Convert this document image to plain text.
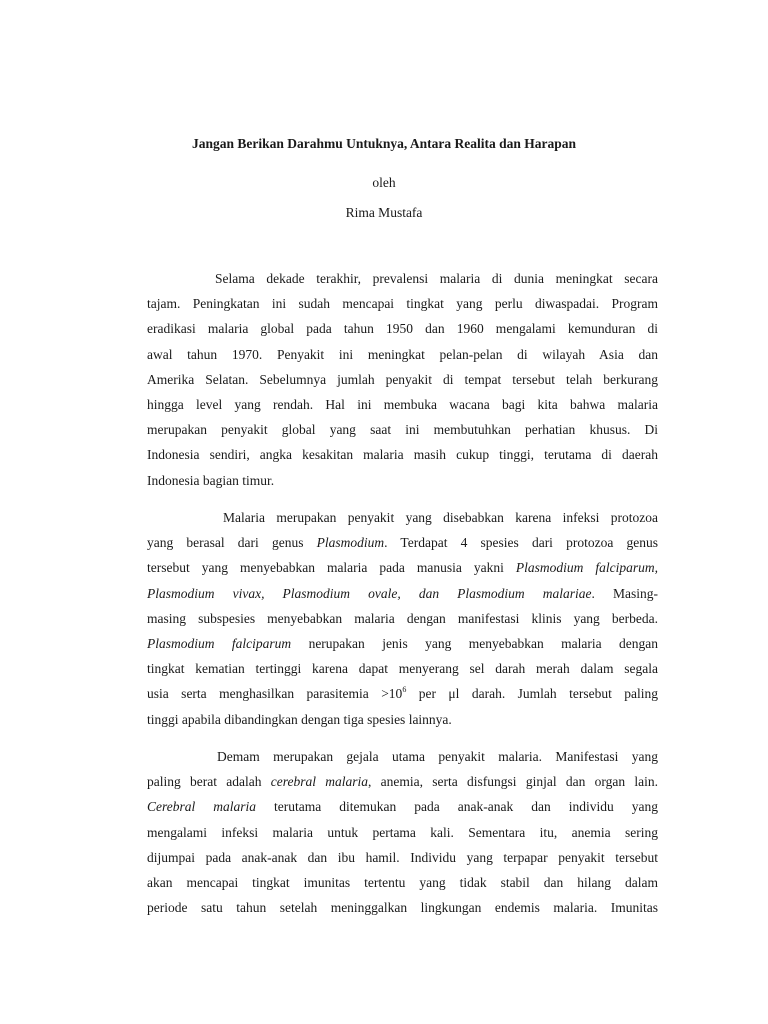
Jangan Berikan Darahmu Untuknya, Antara Realita dan Harapan

oleh

Rima Mustafa

Selama dekade terakhir, prevalensi malaria di dunia meningkat secara
tajam. Peningkatan ini sudah mencapai tingkat yang perlu diwaspadai. Program
eradikasi malaria global pada tahun 1950 dan 1960 mengalami kemunduran di
awal tahun 1970. Penyakit ini meningkat pelan-pelan di wilayah Asia dan
Amerika Selatan. Sebelumnya jumlah penyakit di tempat tersebut telah berkurang
hingga level yang rendah. Hal ini membuka wacana bagi kita bahwa malaria
merupakan penyakit global yang saat ini membutuhkan perhatian khusus. Di
Indonesia sendiri, angka kesakitan malaria masih cukup tinggi, terutama di daerah
Indonesia bagian timur.
Malaria merupakan penyakit yang disebabkan karena infeksi protozoa
yang berasal dari genus Plasmodium. Terdapat 4 spesies dari protozoa genus
tersebut yang menyebabkan malaria pada manusia yakni Plasmodium falciparum,
Plasmodium vivax, Plasmodium ovale, dan Plasmodium malariae. Masing-
masing subspesies menyebabkan malaria dengan manifestasi klinis yang berbeda.
Plasmodium falciparum nerupakan jenis yang menyebabkan malaria dengan
tingkat kematian tertinggi karena dapat menyerang sel darah merah dalam segala
usia serta menghasilkan parasitemia $>10^6$ per μl darah. Jumlah tersebut paling
tinggi apabila dibandingkan dengan tiga spesies lainnya.
Demam merupakan gejala utama penyakit malaria. Manifestasi yang
paling berat adalah cerebral malaria, anemia, serta disfungsi ginjal dan organ lain.
Cerebral malaria terutama ditemukan pada anak-anak dan individu yang
mengalami infeksi malaria untuk pertama kali. Sementara itu, anemia sering
dijumpai pada anak-anak dan ibu hamil. Individu yang terpapar penyakit tersebut
akan mencapai tingkat imunitas tertentu yang tidak stabil dan hilang dalam
periode satu tahun setelah meninggalkan lingkungan endemis malaria. Imunitas
